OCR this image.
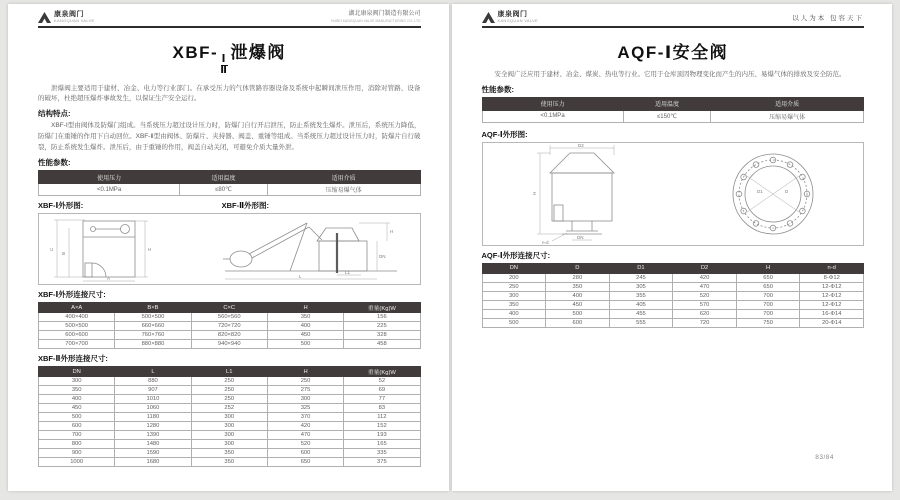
康泉阀门
KANGQUAN VALVE
湖北康泉阀门制造有限公司
HUBEI KANGQUAN VALVE MANUFACTURING CO.,LTD
XBF-
$\frac{\text{Ⅰ}}{\text{Ⅱ}}$
泄爆阀

泄爆阀主要适用于建材、冶金、电力等行业部门。在承受压力的气体管路容器设备及系统中起瞬间泄压作用，消除对管路、设备的破坏，杜绝超压爆炸事故发生，以保证生产安全运行。

结构特点:

XBF-Ⅰ型由阀体及防爆门组成。当系统压力超过设计压力时，防爆门自行开启泄压，防止系统发生爆炸。泄压后，系统压力降低，防爆门在重锤的作用下自动回位。XBF-Ⅱ型由阀体、防爆片、夹持器、阀盖、重锤等组成。当系统压力超过设计压力时，防爆片自行破裂，防止系统发生爆炸。泄压后，由于重锤的作用，阀盖自动关闭，可避免介质大量外泄。

性能参数:
使用压力	适用温度	适用介质
<0.1MPa	≤80℃	压缩易爆气体
XBF-Ⅰ外形图:	XBF-Ⅱ外形图:
C
B
H
A
H
DN
L
L1
XBF-Ⅰ外形连接尺寸:
A×A	B×B	C×C	H	重量(Kg)W
400×400	500×500	560×560	350	156
500×500	660×660	720×720	400	225
600×600	760×760	820×820	450	328
700×700	880×880	940×940	500	458
XBF-Ⅱ外形连接尺寸:
DN	L	L1	H	重量(Kg)W
300	880	250	250	52
350	907	250	275	69
400	1010	250	300	77
450	1060	252	325	83
500	1180	300	370	112
600	1280	300	420	152
700	1390	300	470	193
800	1480	300	520	165
900	1590	350	600	335
1000	1680	350	650	375
康泉阀门
KANGQUAN VALVE	以人为本 包容天下
AQF-Ⅰ安全阀

安全阀广泛应用于建材、冶金、煤炭、热电等行业。它用于仓库顶因物理变化而产生的内压、易爆气体的排放及安全防范。

性能参数:
使用压力	适用温度	适用介质
<0.1MPa	≤150℃	压缩易爆气体
AQF-Ⅰ外形图:
D2
H
DN
n-d
D1	D
AQF-Ⅰ外形连接尺寸:
DN	D	D1	D2	H	n-d
200	280	245	420	650	8-Φ12
250	350	305	470	650	12-Φ12
300	400	355	520	700	12-Φ12
350	450	405	570	700	12-Φ12
400	500	455	620	700	16-Φ14
500	600	555	720	750	20-Φ14
83/84
